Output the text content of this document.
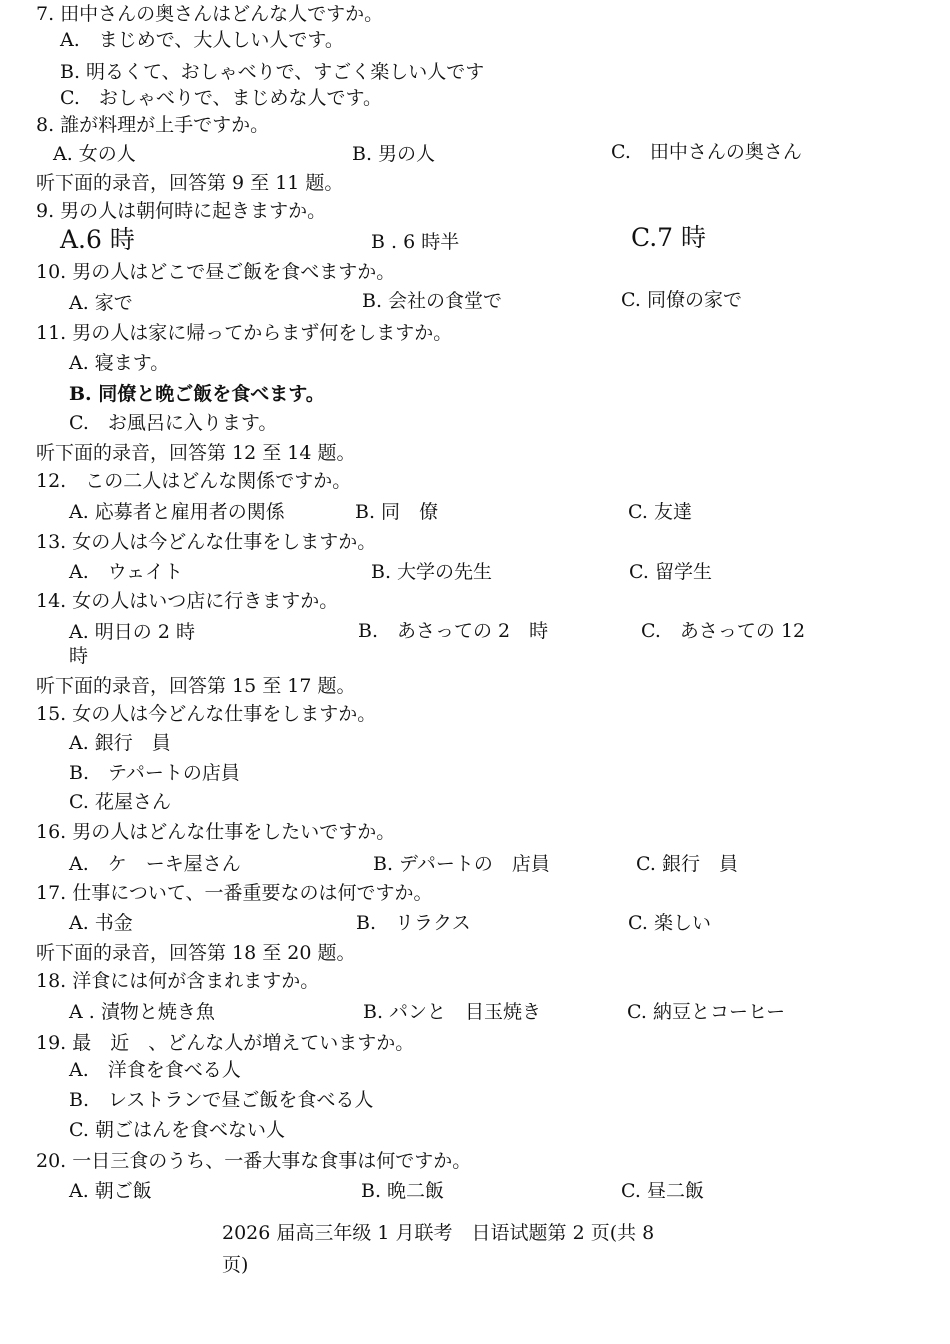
7. 田中さんの奥さんはどんな人ですか。
A.　まじめで、大人しい人です。
B. 明るくて、おしゃべりで、すごく楽しい人です
C.　おしゃべりで、まじめな人です。
8. 誰が料理が上手ですか。
A. 女の人	B. 男の人	C.　田中さんの奥さん
听下面的录音，回答第 9 至 11 题。
9. 男の人は朝何時に起きますか。
A.6 時	B . 6 時半	C.7 時
10. 男の人はどこで昼ご飯を食べますか。
A. 家で	B. 会社の食堂で	C. 同僚の家で
11. 男の人は家に帰ってからまず何をしますか。
A. 寝ます。
B. 同僚と晩ご飯を食べます。
C.　お風呂に入ります。
听下面的录音，回答第 12 至 14 题。
12.　この二人はどんな関係ですか。
A. 応募者と雇用者の関係	B. 同　僚	C. 友達
13. 女の人は今どんな仕事をしますか。
A.　ウェイト	B. 大学の先生	C. 留学生
14. 女の人はいつ店に行きますか。
A. 明日の 2 時	B.　あさっての 2　時	C.　あさっての 12
時
听下面的录音，回答第 15 至 17 题。
15. 女の人は今どんな仕事をしますか。
A. 銀行　員
B.　テパートの店員
C. 花屋さん
16. 男の人はどんな仕事をしたいですか。
A.　ケ　ーキ屋さん	B. デパートの　店員	C. 銀行　員
17. 仕事について、一番重要なのは何ですか。
A. 书金	B.　リラクス	C. 楽しい
听下面的录音，回答第 18 至 20 题。
18. 洋食には何が含まれますか。
A . 漬物と焼き魚	B. パンと　目玉焼き	C. 納豆とコーヒー
19. 最　近　、どんな人が増えていますか。
A.　洋食を食べる人
B.　レストランで昼ご飯を食べる人
C. 朝ごはんを食べない人
20. 一日三食のうち、一番大事な食事は何ですか。
A. 朝ご飯	B. 晩二飯	C. 昼二飯
2026 届高三年级 1 月联考　日语试题第 2 页(共 8
页)
